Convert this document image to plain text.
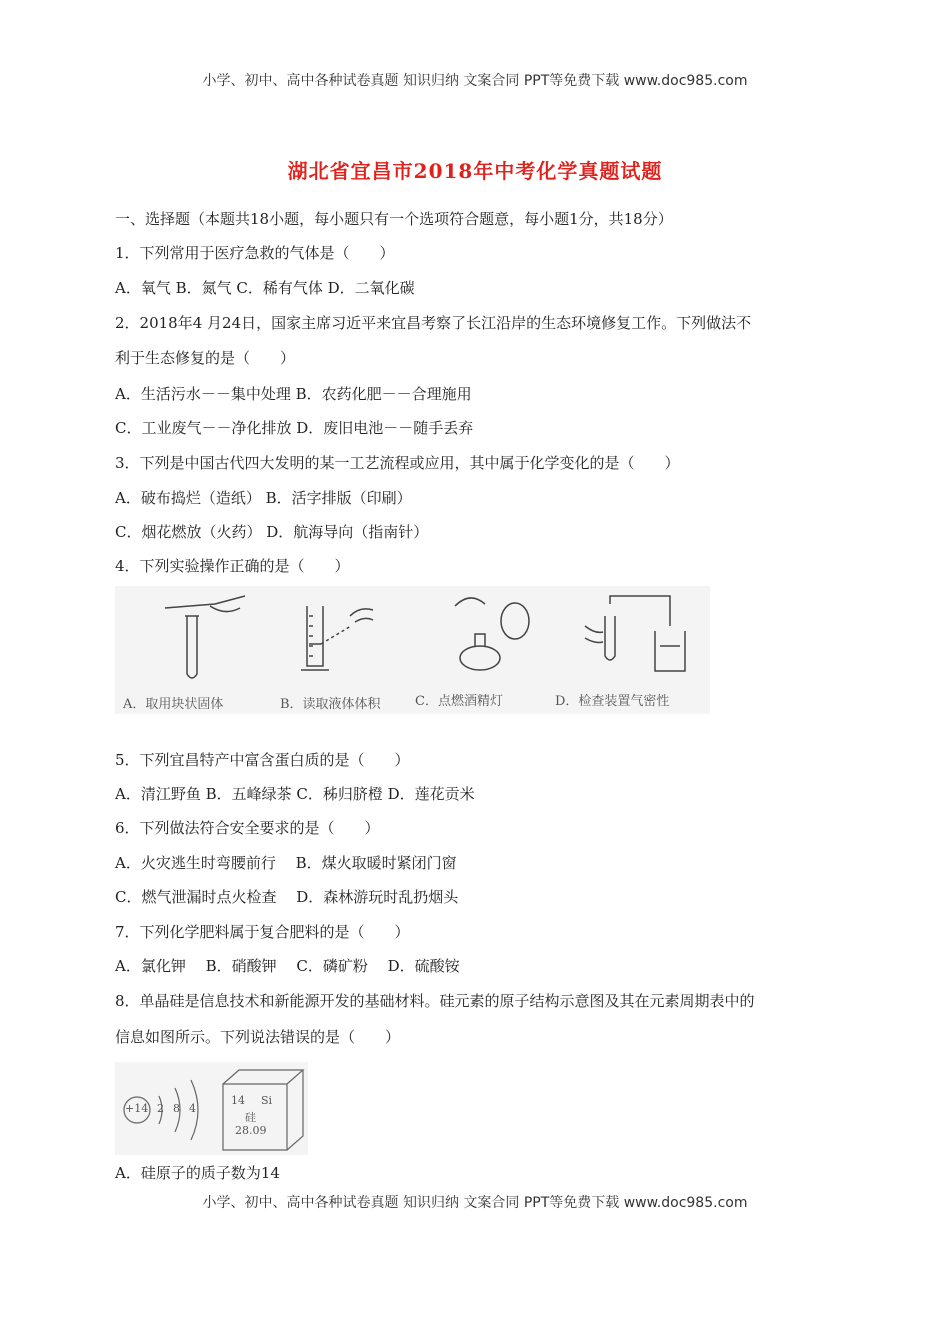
小学、初中、高中各种试卷真题 知识归纳 文案合同 PPT等免费下载 www.doc985.com
湖北省宜昌市2018年中考化学真题试题
一、选择题（本题共18小题，每小题只有一个选项符合题意，每小题1分，共18分）
1．下列常用于医疗急救的气体是（　　）
A．氧气 B．氮气 C．稀有气体 D．二氧化碳
2．2018年4 月24日，国家主席习近平来宜昌考察了长江沿岸的生态环境修复工作。下列做法不
利于生态修复的是（　　）
A．生活污水－－集中处理 B．农药化肥－－合理施用
C．工业废气－－净化排放 D．废旧电池－－随手丢弃
3．下列是中国古代四大发明的某一工艺流程或应用，其中属于化学变化的是（　　）
A．破布捣烂（造纸） B．活字排版（印刷）
C．烟花燃放（火药） D．航海导向（指南针）
4．下列实验操作正确的是（　　）
A．取用块状固体	B．读取液体体积	C．点燃酒精灯	D．检查装置气密性
5．下列宜昌特产中富含蛋白质的是（　　）
A．清江野鱼 B．五峰绿茶 C．秭归脐橙 D．莲花贡米
6．下列做法符合安全要求的是（　　）
A．火灾逃生时弯腰前行　 B．煤火取暖时紧闭门窗
C．燃气泄漏时点火检查　 D．森林游玩时乱扔烟头
7．下列化学肥料属于复合肥料的是（　　）
A．氯化钾　 B．硝酸钾　 C．磷矿粉　 D．硫酸铵
8．单晶硅是信息技术和新能源开发的基础材料。硅元素的原子结构示意图及其在元素周期表中的
信息如图所示。下列说法错误的是（　　）
+14 2 8 4
14 Si
硅
28.09
A．硅原子的质子数为14
小学、初中、高中各种试卷真题 知识归纳 文案合同 PPT等免费下载 www.doc985.com
